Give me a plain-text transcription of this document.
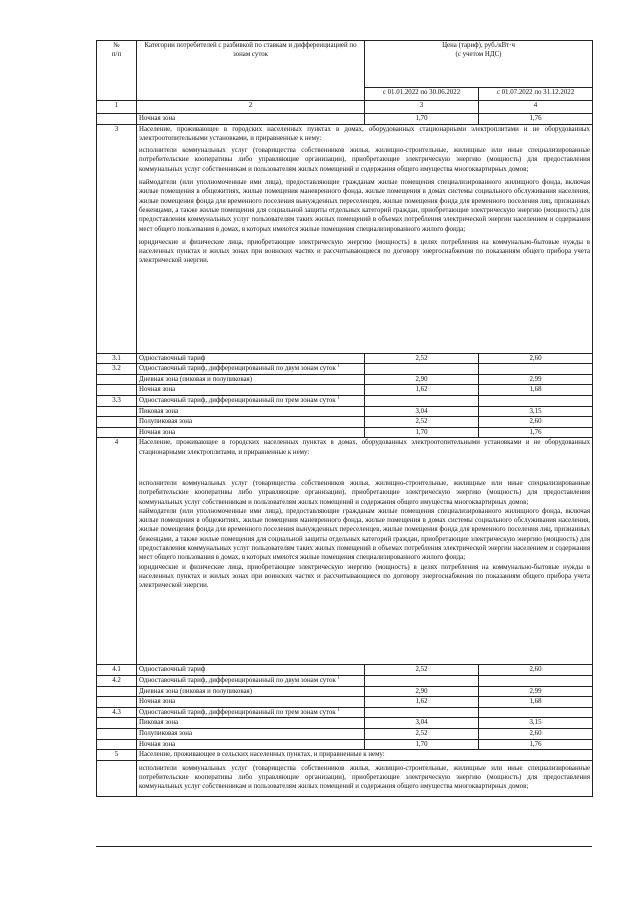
№
п/п	Категории потребителей с разбивкой по ставкам и дифференциацией по зонам суток	Цена (тариф), руб./кВт·ч
(с учетом НДС)	
		с 01.01.2022 по 30.06.2022	с 01.07.2022 по 31.12.2022
1	2	3	4
	Ночная зона	1,70	1,76
3	Население, проживающее в городских населенных пунктах в домах, оборудованных стационарными электроплитами и не оборудованных электроотопительными установками, и приравненные к нему:

исполнители коммунальных услуг (товарищества собственников жилья, жилищно-строительные, жилищные или иные специализированные потребительские кооперативы либо управляющие организации), приобретающие электрическую энергию (мощность) для предоставления коммунальных услуг собственникам и пользователям жилых помещений и содержания общего имущества многоквартирных домов;

наймодатели (или уполномоченные ими лица), предоставляющие гражданам жилые помещения специализированного жилищного фонда, включая жилые помещения в общежитиях, жилые помещения маневренного фонда, жилые помещения в домах системы социального обслуживания населения, жилые помещения фонда для временного поселения вынужденных переселенцев, жилые помещения фонда для временного поселения лиц, признанных беженцами, а также жилые помещения для социальной защиты отдельных категорий граждан, приобретающие электрическую энергию (мощность) для предоставления коммунальных услуг пользователям таких жилых помещений в объемах потребления электрической энергии населением и содержания мест общего пользования в домах, в которых имеются жилые помещения специализированного жилого фонда;

юридические и физические лица, приобретающие электрическую энергию (мощность) в целях потребления на коммунально-бытовые нужды в населенных пунктах и жилых зонах при воинских частях и рассчитывающиеся по договору энергоснабжения по показаниям общего прибора учета электрической энергии.		

3.1	Одноставочный тариф	2,52	2,60
3.2	Одноставочный тариф, дифференцированный по двум зонам суток $^1$		
	Дневная зона (пиковая и полупиковая)	2,90	2,99
	Ночная зона	1,62	1,68
3.3	Одноставочный тариф, дифференцированный по трем зонам суток $^1$		
	Пиковая зона	3,04	3,15
	Полупиковая зона	2,52	2,60
	Ночная зона	1,70	1,76
4	Население, проживающее в городских населенных пунктах в домах, оборудованных электроотопительными установками и не оборудованных стационарными электроплитами, и приравненные к нему:

исполнители коммунальных услуг (товарищества собственников жилья, жилищно-строительные, жилищные или иные специализированные потребительские кооперативы либо управляющие организации), приобретающие электрическую энергию (мощность) для предоставления коммунальных услуг собственникам и пользователям жилых помещений и содержания общего имущества многоквартирных домов;

наймодатели (или уполномоченные ими лица), предоставляющие гражданам жилые помещения специализированного жилищного фонда, включая жилые помещения в общежитиях, жилые помещения маневренного фонда, жилые помещения в домах системы социального обслуживания населения, жилые помещения фонда для временного поселения вынужденных переселенцев, жилые помещения фонда для временного поселения лиц, признанных беженцами, а также жилые помещения для социальной защиты отдельных категорий граждан, приобретающие электрическую энергию (мощность) для предоставления коммунальных услуг пользователям таких жилых помещений в объемах потребления электрической энергии населением и содержания мест общего пользования в домах, в которых имеются жилые помещения специализированного жилого фонда;

юридические и физические лица, приобретающие электрическую энергию (мощность) в целях потребления на коммунально-бытовые нужды в населенных пунктах и жилых зонах при воинских частях и рассчитывающиеся по договору энергоснабжения по показаниям общего прибора учета электрической энергии.		

4.1	Одноставочный тариф	2,52	2,60
4.2	Одноставочный тариф, дифференцированный по двум зонам суток $^1$		
	Дневная зона (пиковая и полупиковая)	2,90	2,99
	Ночная зона	1,62	1,68
4.3	Одноставочный тариф, дифференцированный по трем зонам суток $^1$		
	Пиковая зона	3,04	3,15
	Полупиковая зона	2,52	2,60
	Ночная зона	1,70	1,76
5	Население, проживающее в сельских населенных пунктах, и приравненные к нему:		

	исполнители коммунальных услуг (товарищества собственников жилья, жилищно-строительные, жилищные или иные специализированные потребительские кооперативы либо управляющие организации), приобретающие электрическую энергию (мощность) для предоставления коммунальных услуг собственникам и пользователям жилых помещений и содержания общего имущества многоквартирных домов;		
